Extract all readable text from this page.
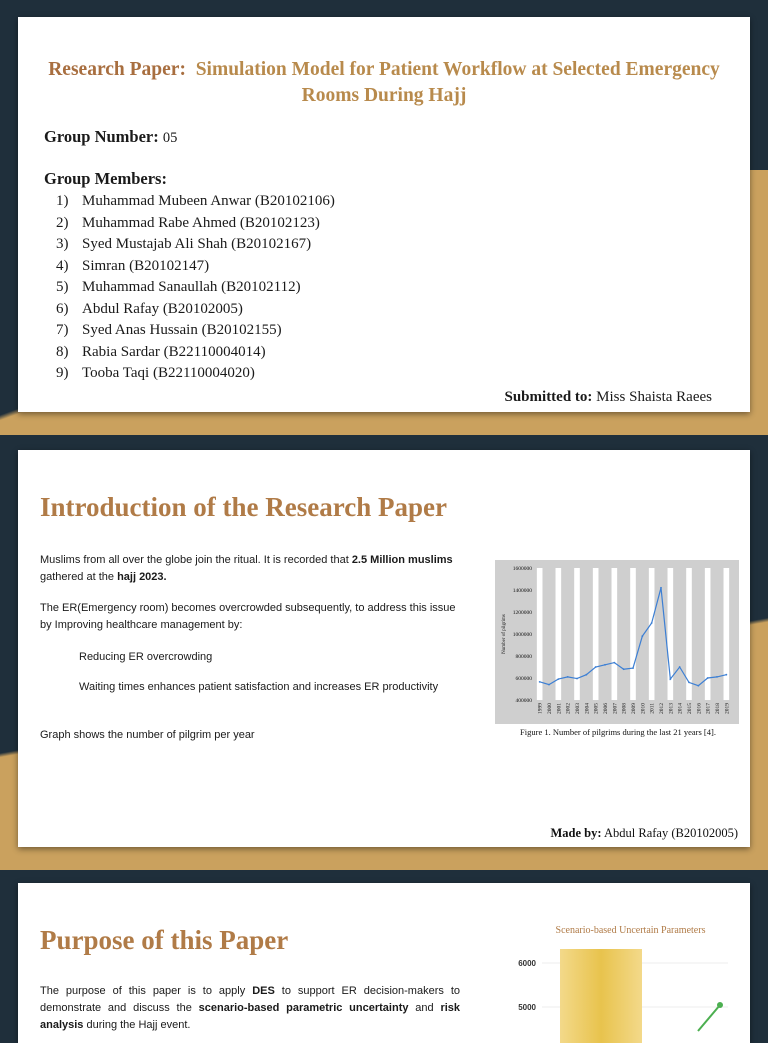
Research Paper: Simulation Model for Patient Workflow at Selected Emergency
Rooms During Hajj
Group Number: 05
Group Members:
1) Muhammad Mubeen Anwar (B20102106)
2) Muhammad Rabe Ahmed (B20102123)
3) Syed Mustajab Ali Shah (B20102167)
4) Simran (B20102147)
5) Muhammad Sanaullah (B20102112)
6) Abdul Rafay (B20102005)
7) Syed Anas Hussain (B20102155)
8) Rabia Sardar (B22110004014)
9) Tooba Taqi (B22110004020)
Submitted to: Miss Shaista Raees
Introduction of the Research Paper
Muslims from all over the globe join the ritual. It is recorded that 2.5 Million muslims gathered at the hajj 2023.
The ER(Emergency room) becomes overcrowded subsequently, to address this issue by Improving healthcare management by:
Reducing ER overcrowding
Waiting times enhances patient satisfaction and increases ER productivity
Graph shows the number of pilgrim per year
400000
600000
800000
1000000
1200000
1400000
1600000
1999 2000 2001 2002 2003 2004 2005 2006 2007 2008 2009 2010 2011 2012 2013 2014 2015 2016 2017 2018 2019
Number of pilgrims
Figure 1. Number of pilgrims during the last 21 years [4].
Made by: Abdul Rafay (B20102005)
Purpose of this Paper
The purpose of this paper is to apply DES to support ER decision-makers to demonstrate and discuss the scenario-based parametric uncertainty and risk analysis during the Hajj event.
Scenario-based Uncertain Parameters
6000
5000
